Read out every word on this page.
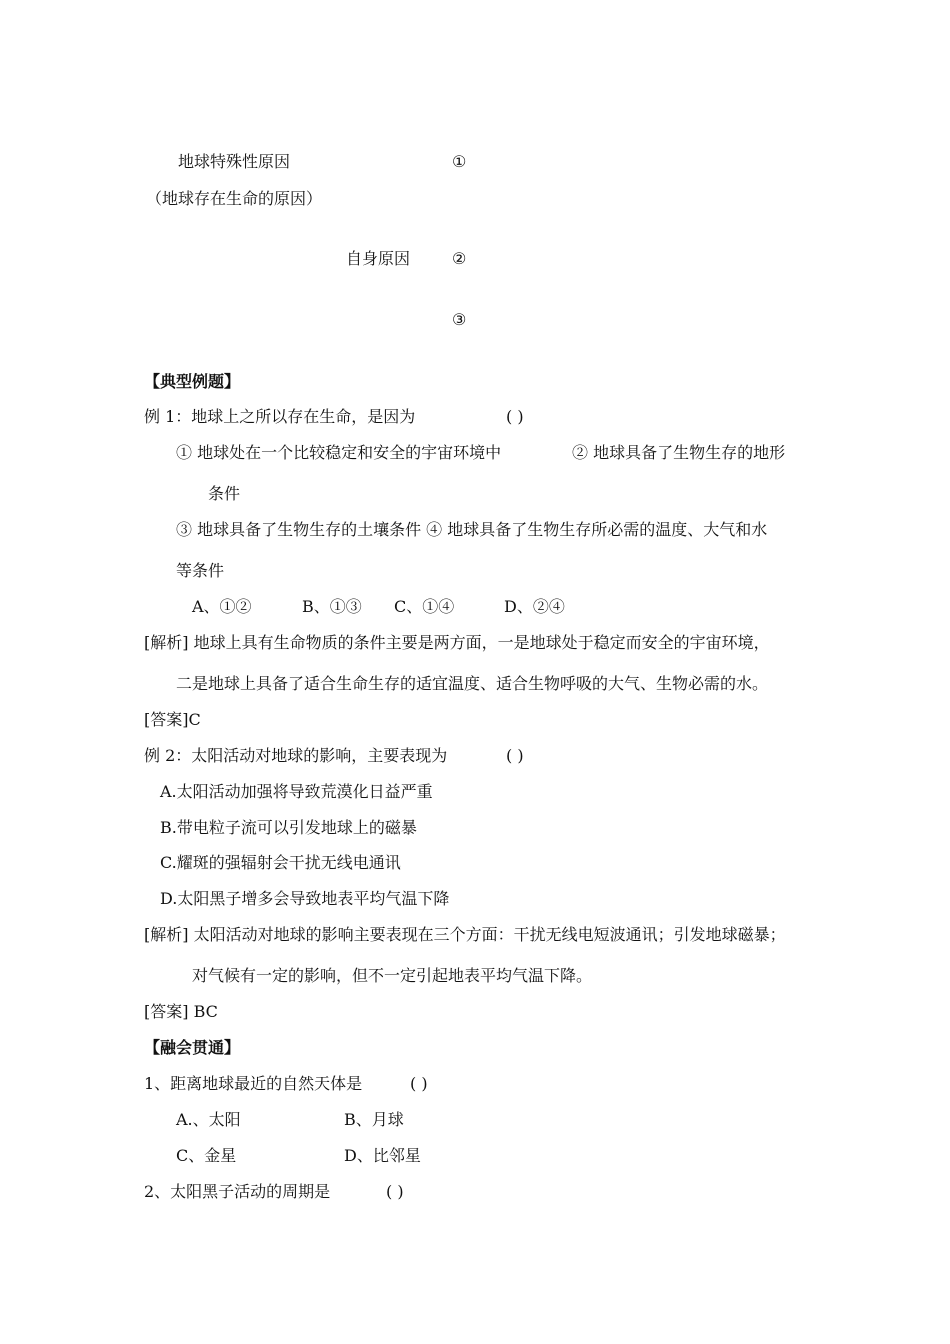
地球特殊性原因	①
（地球存在生命的原因）
自身原因	②
③
【典型例题】
例 1：地球上之所以存在生命，是因为	( )
① 地球处在一个比较稳定和安全的宇宙环境中	② 地球具备了生物生存的地形
条件
③ 地球具备了生物生存的土壤条件 ④ 地球具备了生物生存所必需的温度、大气和水
等条件
A、①②	B、①③ C、①④	D、②④
[解析] 地球上具有生命物质的条件主要是两方面，一是地球处于稳定而安全的宇宙环境，
二是地球上具备了适合生命生存的适宜温度、适合生物呼吸的大气、生物必需的水。
[答案]C
例 2：太阳活动对地球的影响，主要表现为	( )
A.太阳活动加强将导致荒漠化日益严重
B.带电粒子流可以引发地球上的磁暴
C.耀斑的强辐射会干扰无线电通讯
D.太阳黑子增多会导致地表平均气温下降
[解析] 太阳活动对地球的影响主要表现在三个方面：干扰无线电短波通讯；引发地球磁暴；
对气候有一定的影响，但不一定引起地表平均气温下降。
[答案] BC
【融会贯通】
1、距离地球最近的自然天体是	( )
A.、太阳	B、月球
C、金星	D、比邻星
2、太阳黑子活动的周期是	( )
